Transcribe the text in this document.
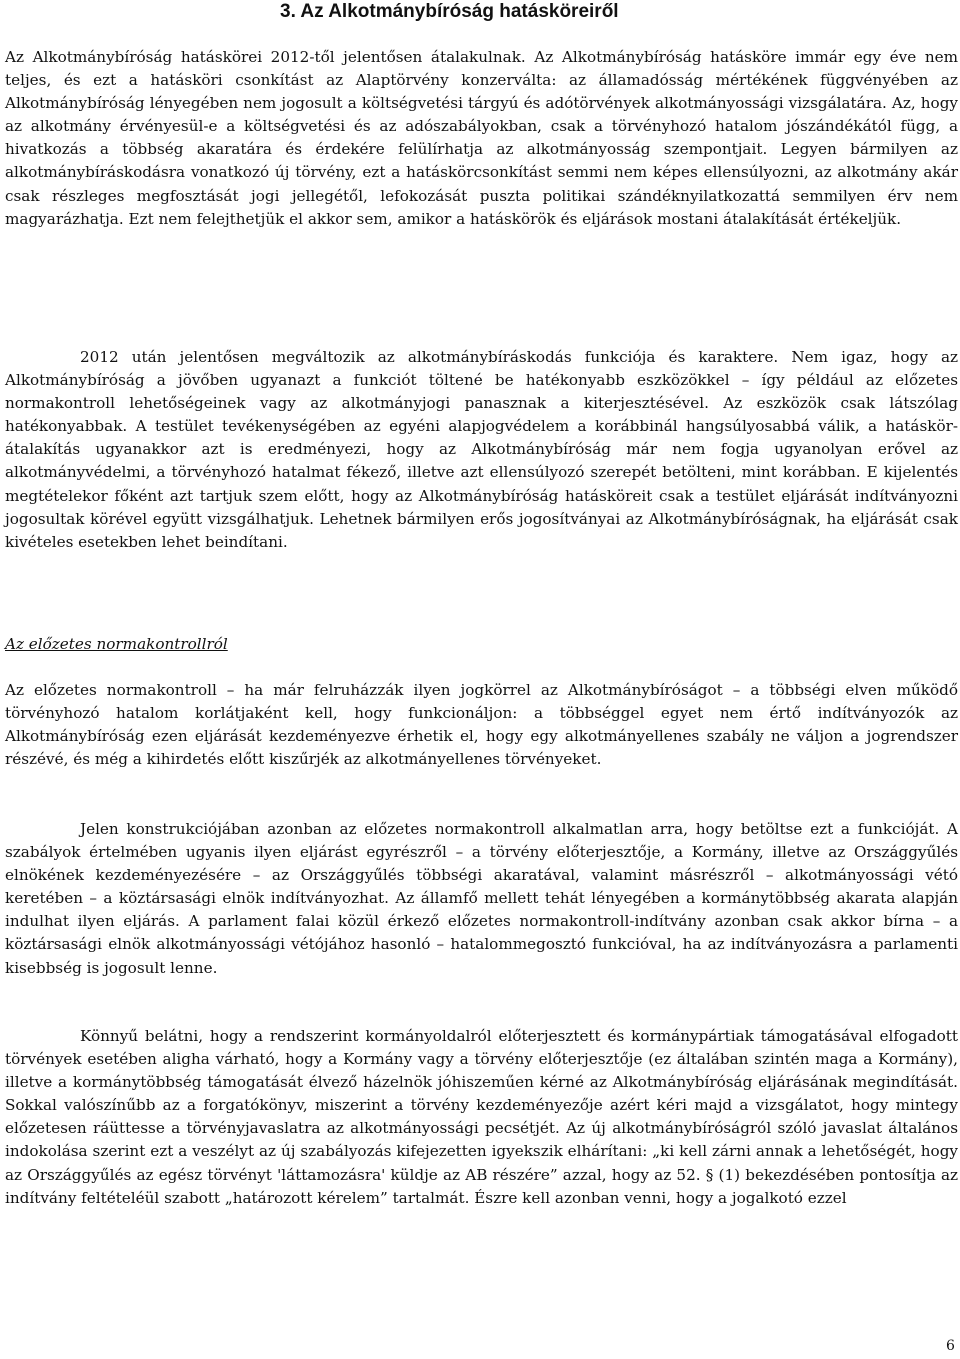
3. Az Alkotmánybíróság hatásköreiről

Az Alkotmánybíróság hatáskörei 2012-től jelentősen átalakulnak. Az Alkotmánybíróság hatásköre immár egy éve nem teljes, és ezt a hatásköri csonkítást az Alaptörvény konzerválta: az államadósság mértékének függvényében az Alkotmánybíróság lényegében nem jogosult a költségvetési tárgyú és adótörvények alkotmányossági vizsgálatára. Az, hogy az alkotmány érvényesül-e a költségvetési és az adószabályokban, csak a törvényhozó hatalom jószándékától függ, a hivatkozás a többség akaratára és érdekére felülírhatja az alkotmányosság szempontjait. Legyen bármilyen az alkotmánybíráskodásra vonatkozó új törvény, ezt a hatáskörcsonkítást semmi nem képes ellensúlyozni, az alkotmány akár csak részleges megfosztását jogi jellegétől, lefokozását puszta politikai szándéknyilatkozattá semmilyen érv nem magyarázhatja. Ezt nem felejthetjük el akkor sem, amikor a hatáskörök és eljárások mostani átalakítását értékeljük.

2012 után jelentősen megváltozik az alkotmánybíráskodás funkciója és karaktere. Nem igaz, hogy az Alkotmánybíróság a jövőben ugyanazt a funkciót töltené be hatékonyabb eszközökkel – így például az előzetes normakontroll lehetőségeinek vagy az alkotmányjogi panasznak a kiterjesztésével. Az eszközök csak látszólag hatékonyabbak. A testület tevékenységében az egyéni alapjogvédelem a korábbinál hangsúlyosabbá válik, a hatáskör-átalakítás ugyanakkor azt is eredményezi, hogy az Alkotmánybíróság már nem fogja ugyanolyan erővel az alkotmányvédelmi, a törvényhozó hatalmat fékező, illetve azt ellensúlyozó szerepét betölteni, mint korábban. E kijelentés megtételekor főként azt tartjuk szem előtt, hogy az Alkotmánybíróság hatásköreit csak a testület eljárását indítványozni jogosultak körével együtt vizsgálhatjuk. Lehetnek bármilyen erős jogosítványai az Alkotmánybíróságnak, ha eljárását csak kivételes esetekben lehet beindítani.

Az előzetes normakontrollról

Az előzetes normakontroll – ha már felruházzák ilyen jogkörrel az Alkotmánybíróságot – a többségi elven működő törvényhozó hatalom korlátjaként kell, hogy funkcionáljon: a többséggel egyet nem értő indítványozók az Alkotmánybíróság ezen eljárását kezdeményezve érhetik el, hogy egy alkotmányellenes szabály ne váljon a jogrendszer részévé, és még a kihirdetés előtt kiszűrjék az alkotmányellenes törvényeket.

Jelen konstrukciójában azonban az előzetes normakontroll alkalmatlan arra, hogy betöltse ezt a funkcióját. A szabályok értelmében ugyanis ilyen eljárást egyrészről – a törvény előterjesztője, a Kormány, illetve az Országgyűlés elnökének kezdeményezésére – az Országgyűlés többségi akaratával, valamint másrészről – alkotmányossági vétó keretében – a köztársasági elnök indítványozhat. Az államfő mellett tehát lényegében a kormánytöbbség akarata alapján indulhat ilyen eljárás. A parlament falai közül érkező előzetes normakontroll-indítvány azonban csak akkor bírna – a köztársasági elnök alkotmányossági vétójához hasonló – hatalommegosztó funkcióval, ha az indítványozásra a parlamenti kisebbség is jogosult lenne.

Könnyű belátni, hogy a rendszerint kormányoldalról előterjesztett és kormánypártiak támogatásával elfogadott törvények esetében aligha várható, hogy a Kormány vagy a törvény előterjesztője (ez általában szintén maga a Kormány), illetve a kormánytöbbség támogatását élvező házelnök jóhiszeműen kérné az Alkotmánybíróság eljárásának megindítását. Sokkal valószínűbb az a forgatókönyv, miszerint a törvény kezdeményezője azért kéri majd a vizsgálatot, hogy mintegy előzetesen ráüttesse a törvényjavaslatra az alkotmányossági pecsétjét. Az új alkotmánybíróságról szóló javaslat általános indokolása szerint ezt a veszélyt az új szabályozás kifejezetten igyekszik elhárítani: „ki kell zárni annak a lehetőségét, hogy az Országgyűlés az egész törvényt 'láttamozásra' küldje az AB részére” azzal, hogy az 52. § (1) bekezdésében pontosítja az indítvány feltételéül szabott „határozott kérelem” tartalmát. Észre kell azonban venni, hogy a jogalkotó ezzel

6
